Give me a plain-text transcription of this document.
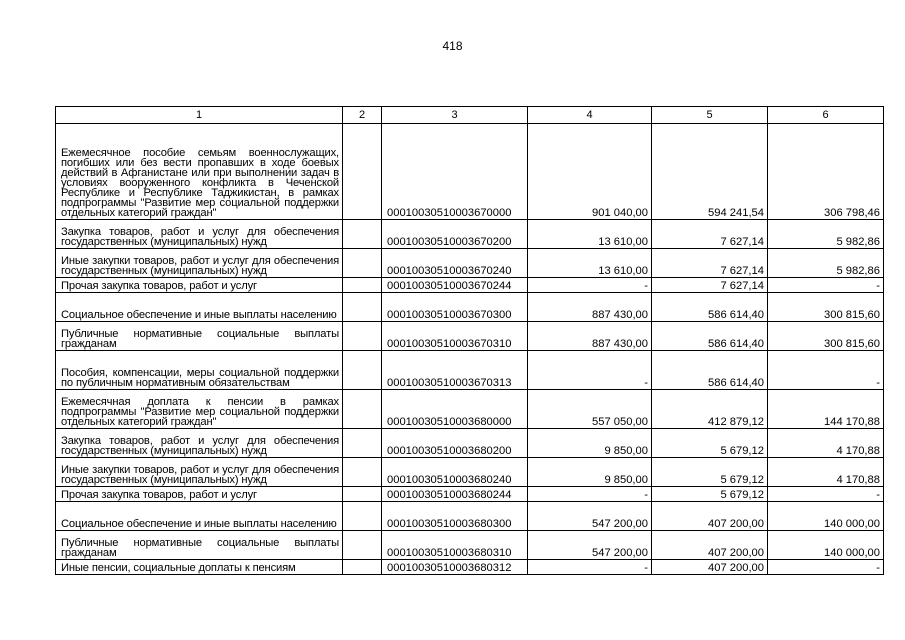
418
1	2	3	4	5	6
Ежемесячное пособие семьям военнослужащих, погибших или без вести пропавших в ходе боевых действий в Афганистане или при выполнении задач в условиях вооруженного конфликта в Чеченской Республике и Республике Таджикистан, в рамках подпрограммы "Развитие мер социальной поддержки отдельных категорий граждан"		00010030510003670000	901 040,00	594 241,54	306 798,46
Закупка товаров, работ и услуг для обеспечения государственных (муниципальных) нужд		00010030510003670200	13 610,00	7 627,14	5 982,86
Иные закупки товаров, работ и услуг для обеспечения государственных (муниципальных) нужд		00010030510003670240	13 610,00	7 627,14	5 982,86
Прочая закупка товаров, работ и услуг		00010030510003670244	-	7 627,14	-
Социальное обеспечение и иные выплаты населению		00010030510003670300	887 430,00	586 614,40	300 815,60
Публичные нормативные социальные выплаты гражданам		00010030510003670310	887 430,00	586 614,40	300 815,60
Пособия, компенсации, меры социальной поддержки по публичным нормативным обязательствам		00010030510003670313	-	586 614,40	-
Ежемесячная доплата к пенсии в рамках подпрограммы "Развитие мер социальной поддержки отдельных категорий граждан"		00010030510003680000	557 050,00	412 879,12	144 170,88
Закупка товаров, работ и услуг для обеспечения государственных (муниципальных) нужд		00010030510003680200	9 850,00	5 679,12	4 170,88
Иные закупки товаров, работ и услуг для обеспечения государственных (муниципальных) нужд		00010030510003680240	9 850,00	5 679,12	4 170,88
Прочая закупка товаров, работ и услуг		00010030510003680244	-	5 679,12	-
Социальное обеспечение и иные выплаты населению		00010030510003680300	547 200,00	407 200,00	140 000,00
Публичные нормативные социальные выплаты гражданам		00010030510003680310	547 200,00	407 200,00	140 000,00
Иные пенсии, социальные доплаты к пенсиям		00010030510003680312	-	407 200,00	-
